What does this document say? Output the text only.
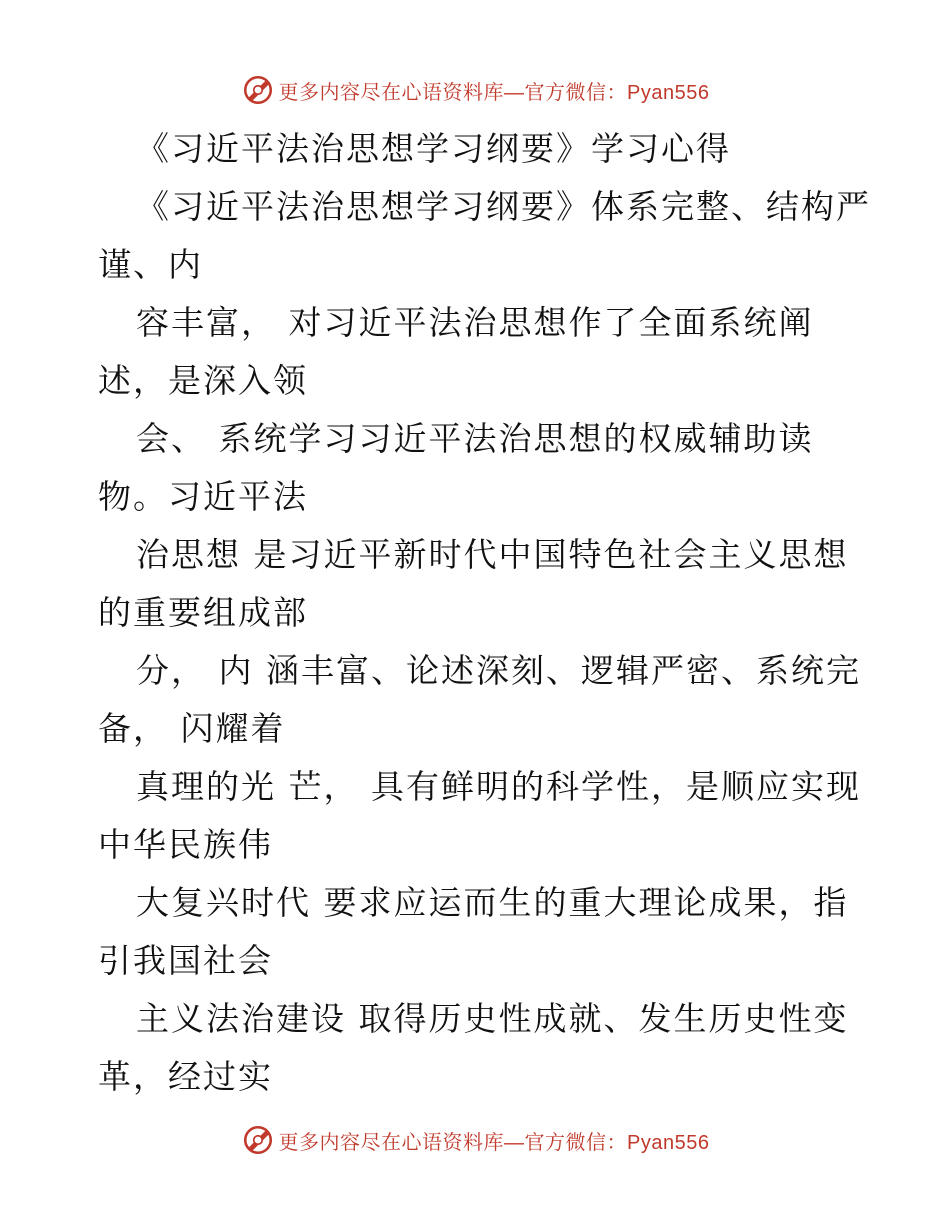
更多内容尽在心语资料库—官方微信：Pyan556
《习近平法治思想学习纲要》学习心得
《习近平法治思想学习纲要》体系完整、结构严
谨、内
容丰富， 对习近平法治思想作了全面系统阐
述，是深入领
会、 系统学习习近平法治思想的权威辅助读
物。习近平法
治思想 是习近平新时代中国特色社会主义思想
的重要组成部
分， 内 涵丰富、论述深刻、逻辑严密、系统完
备， 闪耀着
真理的光 芒， 具有鲜明的科学性，是顺应实现
中华民族伟
大复兴时代 要求应运而生的重大理论成果，指
引我国社会
主义法治建设 取得历史性成就、发生历史性变
革，经过实
更多内容尽在心语资料库—官方微信：Pyan556
